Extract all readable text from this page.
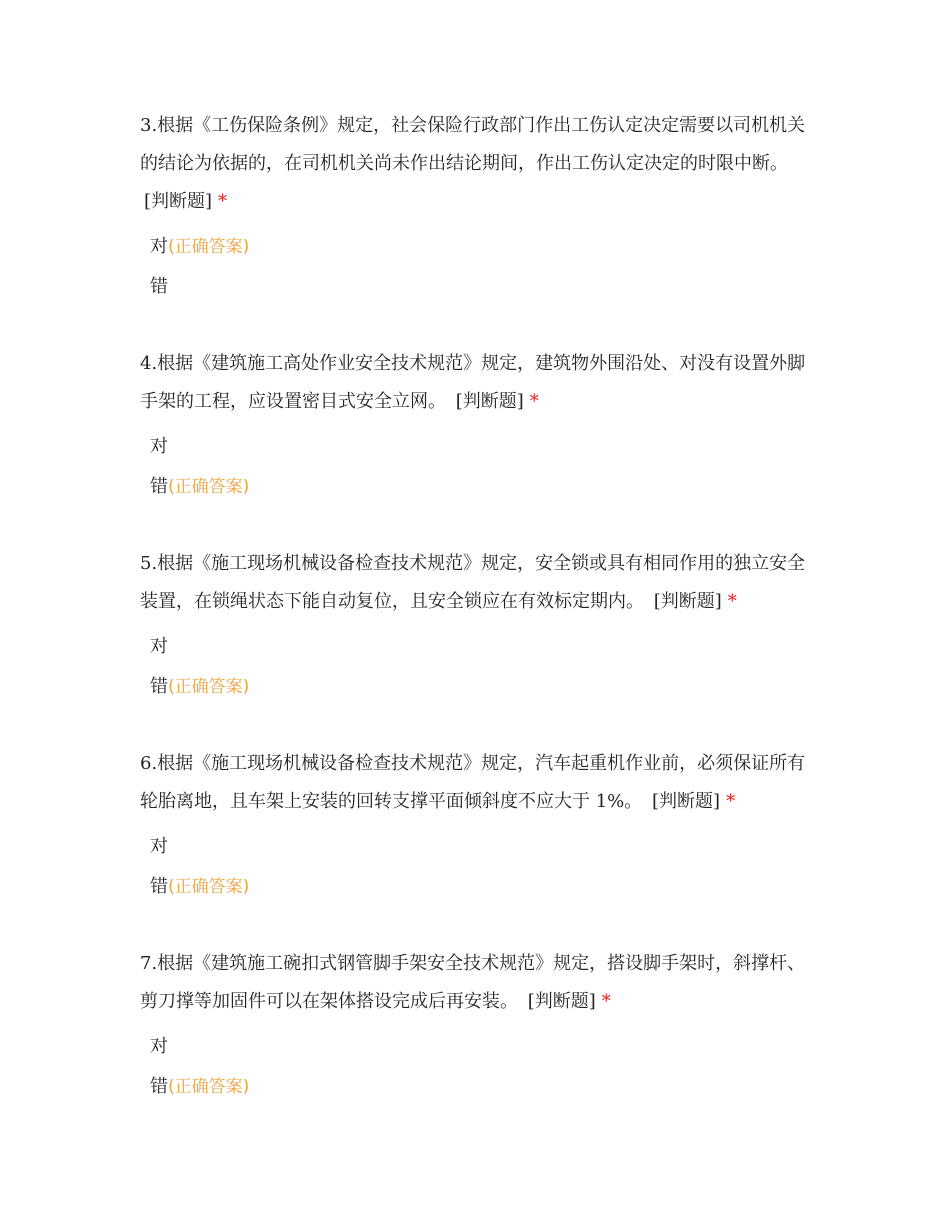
3.根据《工伤保险条例》规定，社会保险行政部门作出工伤认定决定需要以司机机关的结论为依据的，在司机机关尚未作出结论期间，作出工伤认定决定的时限中断。 [判断题] *

对(正确答案)
错

4.根据《建筑施工高处作业安全技术规范》规定，建筑物外围沿处、对没有设置外脚手架的工程，应设置密目式安全立网。 [判断题] *

对
错(正确答案)

5.根据《施工现场机械设备检查技术规范》规定，安全锁或具有相同作用的独立安全装置，在锁绳状态下能自动复位，且安全锁应在有效标定期内。 [判断题] *

对
错(正确答案)

6.根据《施工现场机械设备检查技术规范》规定，汽车起重机作业前，必须保证所有轮胎离地，且车架上安装的回转支撑平面倾斜度不应大于 1%。 [判断题] *

对
错(正确答案)

7.根据《建筑施工碗扣式钢管脚手架安全技术规范》规定，搭设脚手架时，斜撑杆、剪刀撑等加固件可以在架体搭设完成后再安装。 [判断题] *

对
错(正确答案)
